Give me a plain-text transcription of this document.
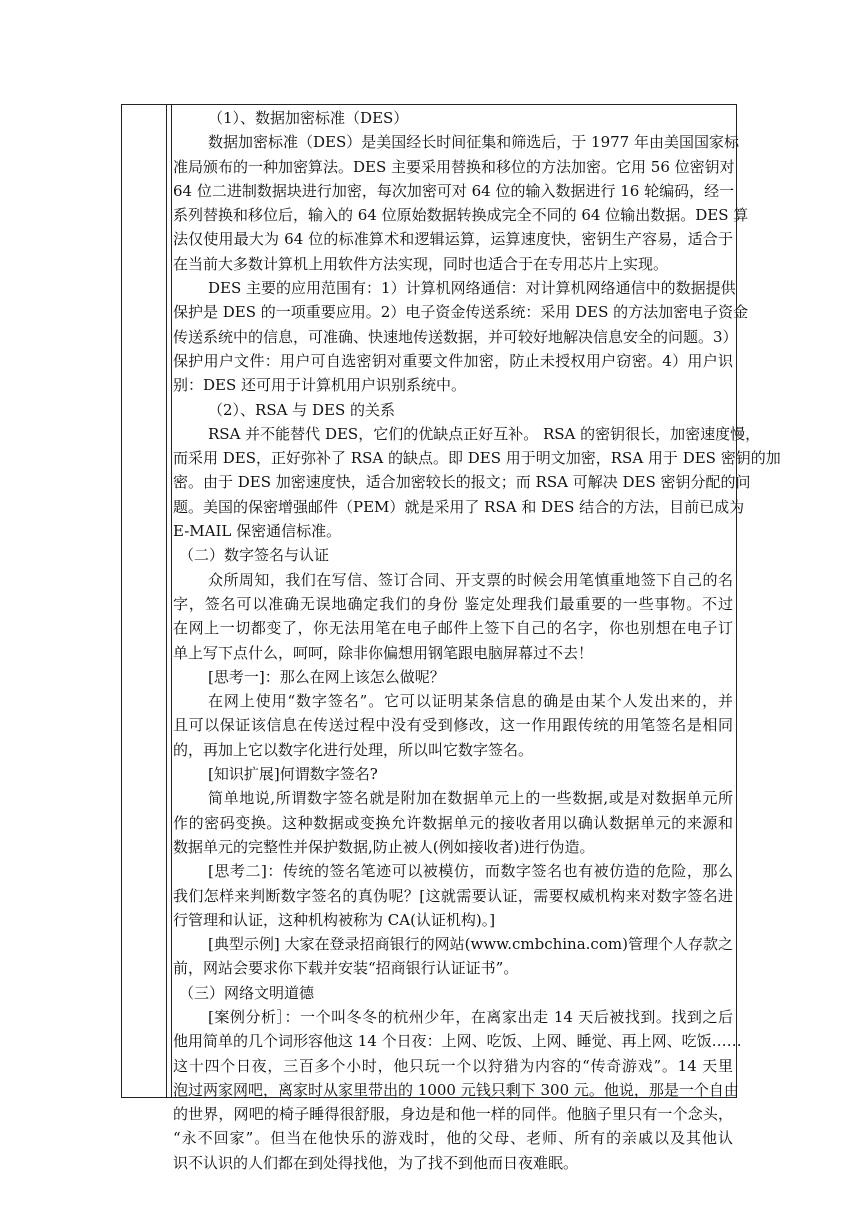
（1）、数据加密标准（DES）
数据加密标准（DES）是美国经长时间征集和筛选后，于 1977 年由美国国家标
准局颁布的一种加密算法。DES 主要采用替换和移位的方法加密。它用 56 位密钥对
64 位二进制数据块进行加密，每次加密可对 64 位的输入数据进行 16 轮编码，经一
系列替换和移位后，输入的 64 位原始数据转换成完全不同的 64 位输出数据。DES 算
法仅使用最大为 64 位的标准算术和逻辑运算，运算速度快，密钥生产容易，适合于
在当前大多数计算机上用软件方法实现，同时也适合于在专用芯片上实现。
DES 主要的应用范围有：1）计算机网络通信：对计算机网络通信中的数据提供
保护是 DES 的一项重要应用。2）电子资金传送系统：采用 DES 的方法加密电子资金
传送系统中的信息，可准确、快速地传送数据，并可较好地解决信息安全的问题。3）
保护用户文件：用户可自选密钥对重要文件加密，防止未授权用户窃密。4）用户识
别：DES 还可用于计算机用户识别系统中。
（2）、RSA 与 DES 的关系
RSA 并不能替代 DES，它们的优缺点正好互补。 RSA 的密钥很长，加密速度慢，
而采用 DES，正好弥补了 RSA 的缺点。即 DES 用于明文加密，RSA 用于 DES 密钥的加
密。由于 DES 加密速度快，适合加密较长的报文；而 RSA 可解决 DES 密钥分配的问
题。美国的保密增强邮件（PEM）就是采用了 RSA 和 DES 结合的方法，目前已成为
E-MAIL 保密通信标准。
（二）数字签名与认证
众所周知，我们在写信、签订合同、开支票的时候会用笔慎重地签下自己的名
字，签名可以准确无误地确定我们的身份 鉴定处理我们最重要的一些事物。不过
在网上一切都变了，你无法用笔在电子邮件上签下自己的名字，你也别想在电子订
单上写下点什么，呵呵，除非你偏想用钢笔跟电脑屏幕过不去！
[思考一]：那么在网上该怎么做呢？
在网上使用“数字签名”。它可以证明某条信息的确是由某个人发出来的，并
且可以保证该信息在传送过程中没有受到修改，这一作用跟传统的用笔签名是相同
的，再加上它以数字化进行处理，所以叫它数字签名。
[知识扩展]何谓数字签名?
简单地说,所谓数字签名就是附加在数据单元上的一些数据,或是对数据单元所
作的密码变换。这种数据或变换允许数据单元的接收者用以确认数据单元的来源和
数据单元的完整性并保护数据,防止被人(例如接收者)进行伪造。
[思考二]：传统的签名笔迹可以被模仿，而数字签名也有被仿造的危险，那么
我们怎样来判断数字签名的真伪呢？[这就需要认证，需要权威机构来对数字签名进
行管理和认证，这种机构被称为 CA(认证机构)。]
[典型示例] 大家在登录招商银行的网站(www.cmbchina.com)管理个人存款之
前，网站会要求你下载并安装“招商银行认证证书”。
（三）网络文明道德
[案例分析］：一个叫冬冬的杭州少年，在离家出走 14 天后被找到。找到之后
他用简单的几个词形容他这 14 个日夜：上网、吃饭、上网、睡觉、再上网、吃饭……
这十四个日夜，三百多个小时，他只玩一个以狩猎为内容的“传奇游戏”。14 天里
泡过两家网吧，离家时从家里带出的 1000 元钱只剩下 300 元。他说，那是一个自由
的世界，网吧的椅子睡得很舒服，身边是和他一样的同伴。他脑子里只有一个念头，
“永不回家”。但当在他快乐的游戏时，他的父母、老师、所有的亲戚以及其他认
识不认识的人们都在到处得找他，为了找不到他而日夜难眠。
